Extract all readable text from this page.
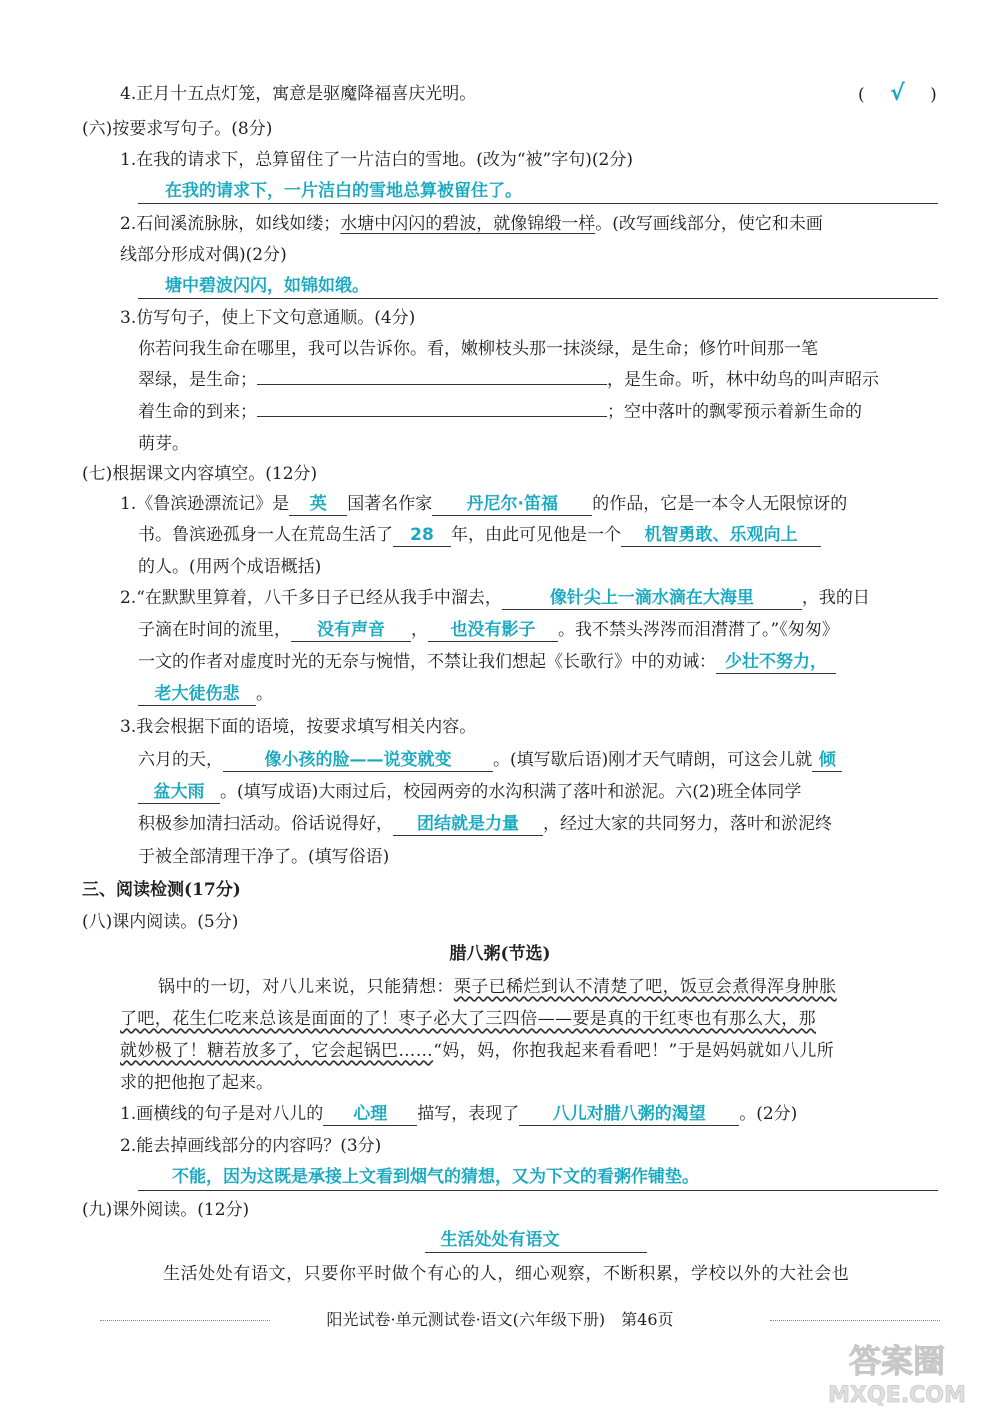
4.正月十五点灯笼，寓意是驱魔降福喜庆光明。	( √ )
(六)按要求写句子。(8分)
1.在我的请求下，总算留住了一片洁白的雪地。(改为“被”字句)(2分)
在我的请求下，一片洁白的雪地总算被留住了。
2.石间溪流脉脉，如线如缕；水塘中闪闪的碧波，就像锦缎一样。(改写画线部分，使它和未画
线部分形成对偶)(2分)
塘中碧波闪闪，如锦如缎。
3.仿写句子，使上下文句意通顺。(4分)
你若问我生命在哪里，我可以告诉你。看，嫩柳枝头那一抹淡绿，是生命；修竹叶间那一笔
翠绿，是生命；	，是生命。听，林中幼鸟的叫声昭示
着生命的到来；	；空中落叶的飘零预示着新生命的
萌芽。
(七)根据课文内容填空。(12分)
1.《鲁滨逊漂流记》是 英 国著名作家 丹尼尔·笛福 的作品，它是一本令人无限惊讶的
书。鲁滨逊孤身一人在荒岛生活了 28 年，由此可见他是一个 机智勇敢、乐观向上
的人。(用两个成语概括)
2.“在默默里算着，八千多日子已经从我手中溜去，	像针尖上一滴水滴在大海里	，我的日
子滴在时间的流里， 没有声音 ， 也没有影子 。我不禁头涔涔而泪潸潸了。”《匆匆》
一文的作者对虚度时光的无奈与惋惜，不禁让我们想起《长歌行》中的劝诫： 少壮不努力，
老大徒伤悲 。
3.我会根据下面的语境，按要求填写相关内容。
六月的天， 像小孩的脸——说变就变 。(填写歇后语)刚才天气晴朗，可这会儿就 倾
盆大雨 。(填写成语)大雨过后，校园两旁的水沟积满了落叶和淤泥。六(2)班全体同学
积极参加清扫活动。俗话说得好， 团结就是力量 ，经过大家的共同努力，落叶和淤泥终
于被全部清理干净了。(填写俗语)
三、阅读检测(17分)
(八)课内阅读。(5分)
腊八粥(节选)
锅中的一切，对八儿来说，只能猜想：栗子已稀烂到认不清楚了吧，饭豆会煮得浑身肿胀
了吧，花生仁吃来总该是面面的了！枣子必大了三四倍——要是真的干红枣也有那么大，那
就妙极了！糖若放多了，它会起锅巴……“妈，妈，你抱我起来看看吧！”于是妈妈就如八儿所
求的把他抱了起来。
1.画横线的句子是对八儿的 心理 描写，表现了 八儿对腊八粥的渴望 。(2分)
2.能去掉画线部分的内容吗？(3分)
不能，因为这既是承接上文看到烟气的猜想，又为下文的看粥作铺垫。
(九)课外阅读。(12分)
生活处处有语文
生活处处有语文，只要你平时做个有心的人，细心观察，不断积累，学校以外的大社会也
阳光试卷·单元测试卷·语文(六年级下册)　第46页
答案圈
MXQE.COM
